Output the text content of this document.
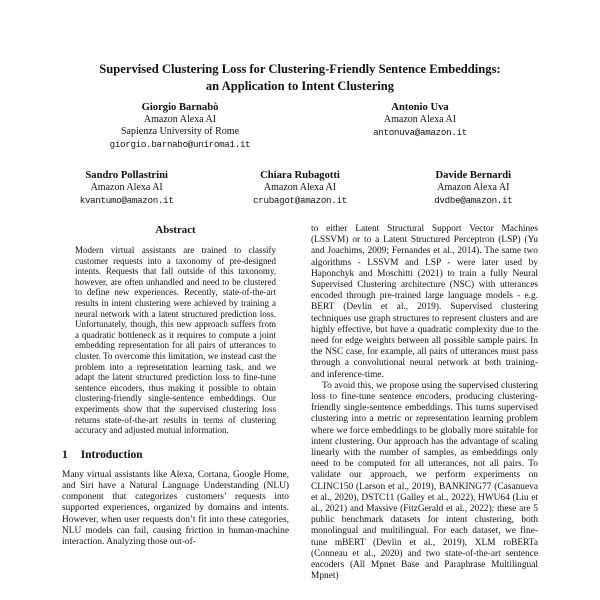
Supervised Clustering Loss for Clustering-Friendly Sentence Embeddings:
an Application to Intent Clustering
Giorgio Barnabò
Amazon Alexa AI
Sapienza University of Rome
giorgio.barnabo@uniroma1.it
Antonio Uva
Amazon Alexa AI
antonuva@amazon.it
Sandro Pollastrini
Amazon Alexa AI
kvantumo@amazon.it
Chiara Rubagotti
Amazon Alexa AI
crubagot@amazon.it
Davide Bernardi
Amazon Alexa AI
dvdbe@amazon.it
Abstract

Modern virtual assistants are trained to classify customer requests into a taxonomy of pre-designed intents. Requests that fall outside of this taxonomy, however, are often unhandled and need to be clustered to define new experiences. Recently, state-of-the-art results in intent clustering were achieved by training a neural network with a latent structured prediction loss. Unfortunately, though, this new approach suffers from a quadratic bottleneck as it requires to compute a joint embedding representation for all pairs of utterances to cluster. To overcome this limitation, we instead cast the problem into a representation learning task, and we adapt the latent structured prediction loss to fine-tune sentence encoders, thus making it possible to obtain clustering-friendly single-sentence embeddings. Our experiments show that the supervised clustering loss returns state-of-the-art results in terms of clustering accuracy and adjusted mutual information.

1 Introduction

Many virtual assistants like Alexa, Cortana, Google Home, and Siri have a Natural Language Understanding (NLU) component that categorizes customers’ requests into supported experiences, organized by domains and intents. However, when user requests don’t fit into these categories, NLU models can fail, causing friction in human-machine interaction. Analyzing those out-of-

to either Latent Structural Support Vector Machines (LSSVM) or to a Latent Structured Perceptron (LSP) (Yu and Joachims, 2009; Fernandes et al., 2014). The same two algorithms - LSSVM and LSP - were later used by Haponchyk and Moschitti (2021) to train a fully Neural Supervised Clustering architecture (NSC) with utterances encoded through pre-trained large language models - e.g. BERT (Devlin et al., 2019). Supervised clustering techniques use graph structures to represent clusters and are highly effective, but have a quadratic complexity due to the need for edge weights between all possible sample pairs. In the NSC case, for example, all pairs of utterances must pass through a convolutional neural network at both training- and inference-time.

To avoid this, we propose using the supervised clustering loss to fine-tune sentence encoders, producing clustering-friendly single-sentence embeddings. This turns supervised clustering into a metric or representation learning problem where we force embeddings to be globally more suitable for intent clustering. Our approach has the advantage of scaling linearly with the number of samples, as embeddings only need to be computed for all utterances, not all pairs. To validate our approach, we perform experiments on CLINC150 (Larson et al., 2019), BANKING77 (Casanueva et al., 2020), DSTC11 (Galley et al., 2022), HWU64 (Liu et al., 2021) and Massive (FitzGerald et al., 2022): these are 5 public benchmark datasets for intent clustering, both monolingual and multilingual. For each dataset, we fine-tune mBERT (Devlin et al., 2019), XLM roBERTa (Conneau et al., 2020) and two state-of-the-art sentence encoders (All Mpnet Base and Paraphrase Multilingual Mpnet)
